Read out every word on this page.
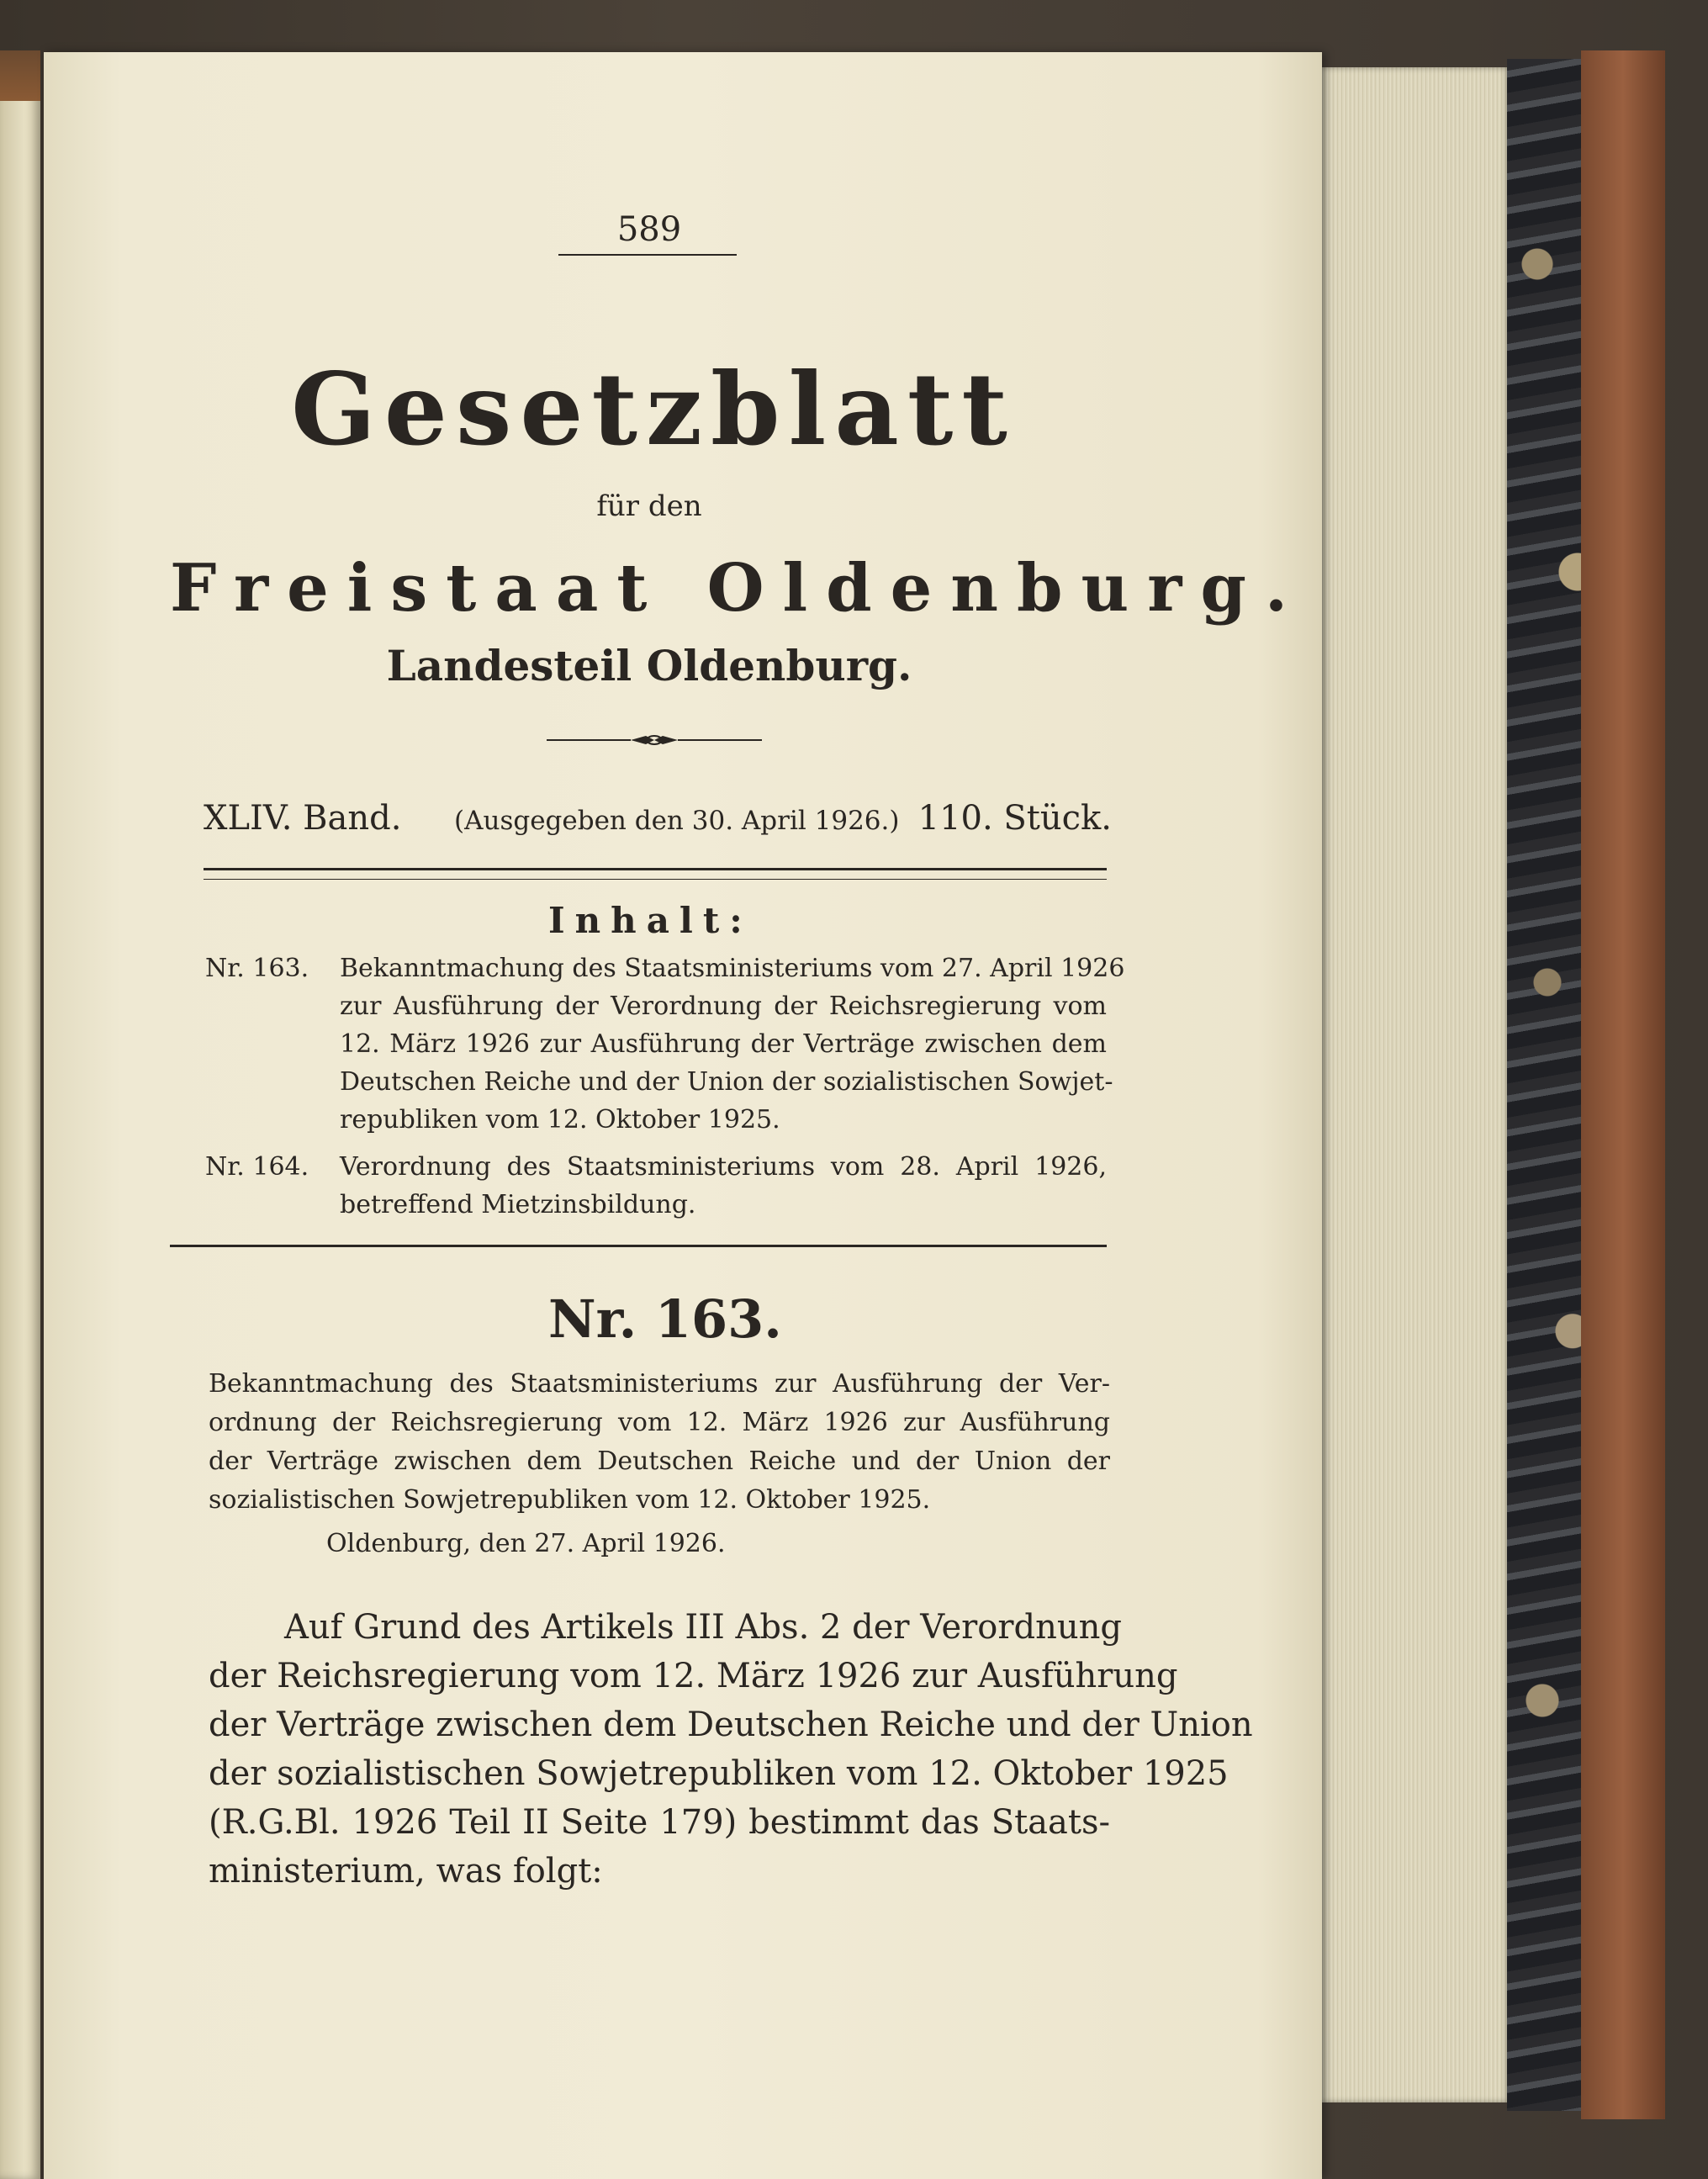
589
Gesetzblatt
für den
Freistaat Oldenburg.
Landesteil Oldenburg.
XLIV. Band. (Ausgegeben den 30. April 1926.) 110. Stück.
Inhalt:
Nr. 163. Bekanntmachung des Staatsministeriums vom 27. April 1926
zur Ausführung der Verordnung der Reichsregierung vom
12. März 1926 zur Ausführung der Verträge zwischen dem
Deutschen Reiche und der Union der sozialistischen Sowjet-
republiken vom 12. Oktober 1925.
Nr. 164. Verordnung des Staatsministeriums vom 28. April 1926,
betreffend Mietzinsbildung.
Nr. 163.
Bekanntmachung des Staatsministeriums zur Ausführung der Ver-
ordnung der Reichsregierung vom 12. März 1926 zur Ausführung
der Verträge zwischen dem Deutschen Reiche und der Union der
sozialistischen Sowjetrepubliken vom 12. Oktober 1925.
Oldenburg, den 27. April 1926.
Auf Grund des Artikels III Abs. 2 der Verordnung
der Reichsregierung vom 12. März 1926 zur Ausführung
der Verträge zwischen dem Deutschen Reiche und der Union
der sozialistischen Sowjetrepubliken vom 12. Oktober 1925
(R.G.Bl. 1926 Teil II Seite 179) bestimmt das Staats-
ministerium, was folgt:
